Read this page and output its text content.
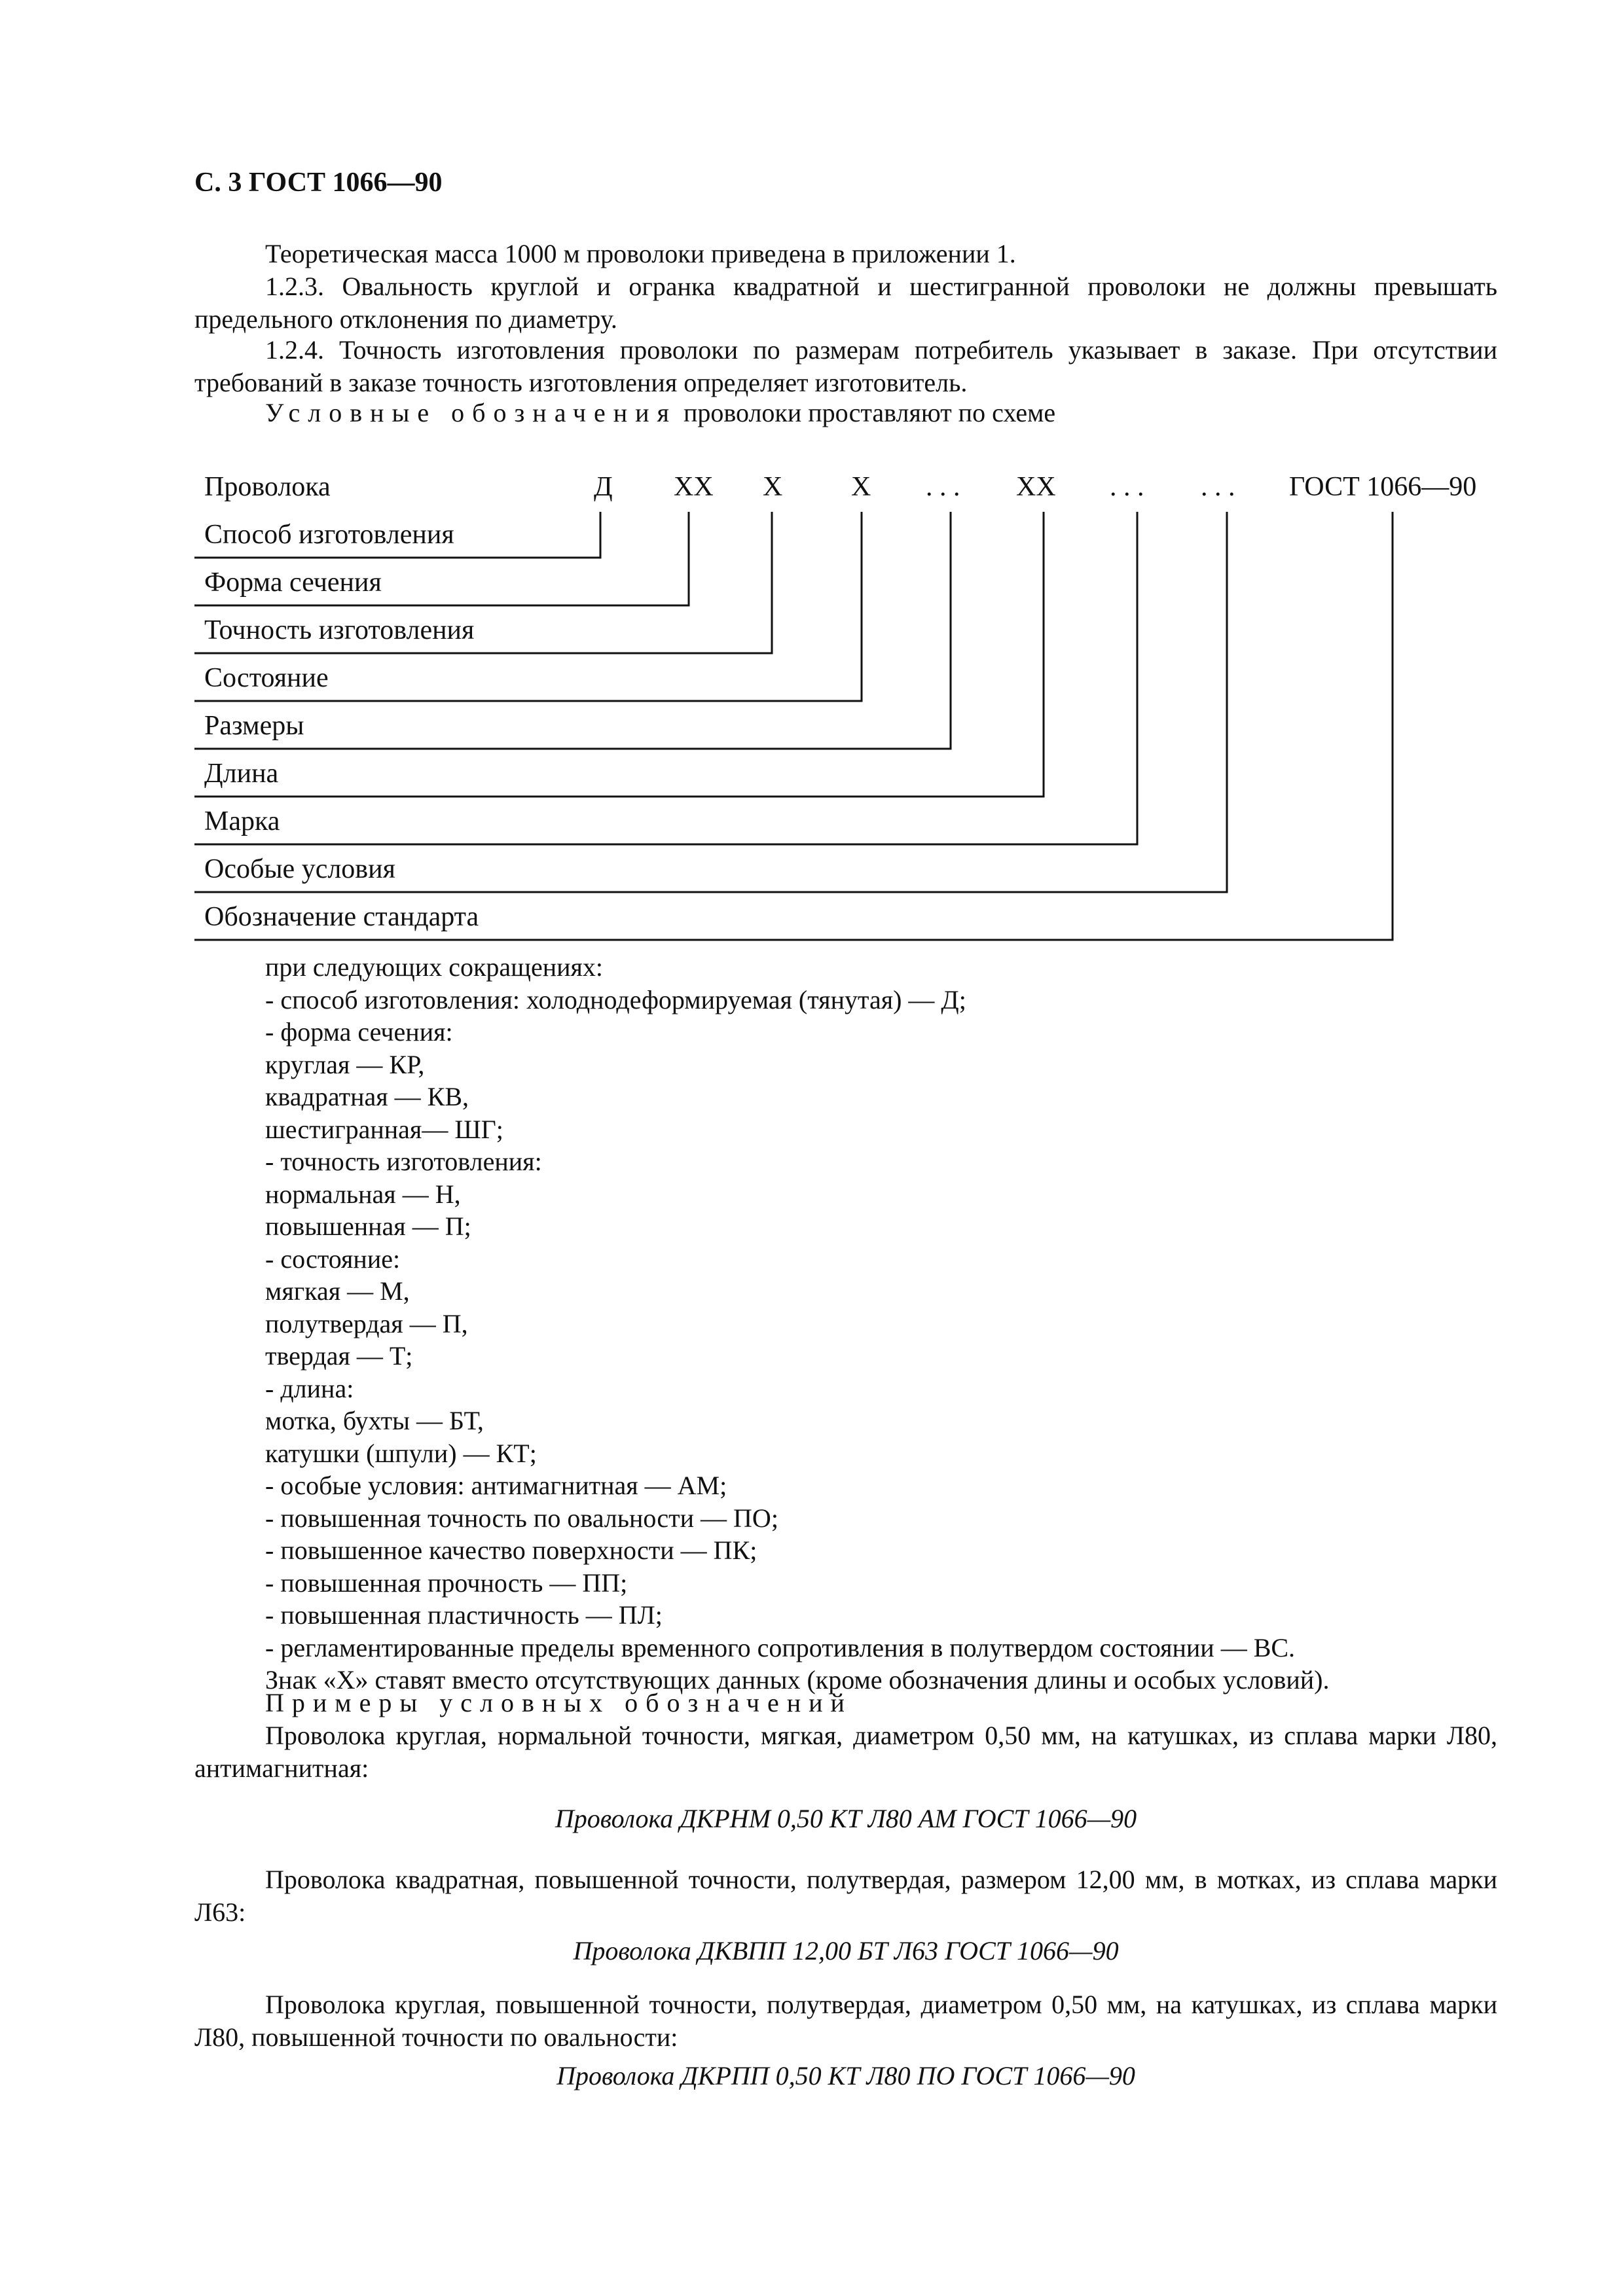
С. 3 ГОСТ 1066—90

Теоретическая масса 1000 м проволоки приведена в приложении 1.

1.2.3. Овальность круглой и огранка квадратной и шестигранной проволоки не должны превышать предельного отклонения по диаметру.

1.2.4. Точность изготовления проволоки по размерам потребитель указывает в заказе. При отсутствии требований в заказе точность изготовления определяет изготовитель.

Условные обозначения проволоки проставляют по схеме

Проволока	Д XX X X . . . XX . . . . . . ГОСТ 1066—90
Способ изготовления
Форма сечения
Точность изготовления
Состояние
Размеры
Длина
Марка
Особые условия
Обозначение стандарта
при следующих сокращениях:
- способ изготовления: холоднодеформируемая (тянутая) — Д;
- форма сечения:
круглая — КР,
квадратная — КВ,
шестигранная— ШГ;
- точность изготовления:
нормальная — Н,
повышенная — П;
- состояние:
мягкая — М,
полутвердая — П,
твердая — Т;
- длина:
мотка, бухты — БТ,
катушки (шпули) — КТ;
- особые условия: антимагнитная — АМ;
- повышенная точность по овальности — ПО;
- повышенное качество поверхности — ПК;
- повышенная прочность — ПП;
- повышенная пластичность — ПЛ;
- регламентированные пределы временного сопротивления в полутвердом состоянии — ВС.
Знак «X» ставят вместо отсутствующих данных (кроме обозначения длины и особых условий).

Примеры условных обозначений

Проволока круглая, нормальной точности, мягкая, диаметром 0,50 мм, на катушках, из сплава марки Л80, антимагнитная:

Проволока ДКРНМ 0,50 КТ Л80 АМ ГОСТ 1066—90

Проволока квадратная, повышенной точности, полутвердая, размером 12,00 мм, в мотках, из сплава марки Л63:

Проволока ДКВПП 12,00 БТ Л63 ГОСТ 1066—90

Проволока круглая, повышенной точности, полутвердая, диаметром 0,50 мм, на катушках, из сплава марки Л80, повышенной точности по овальности:

Проволока ДКРПП 0,50 КТ Л80 ПО ГОСТ 1066—90
